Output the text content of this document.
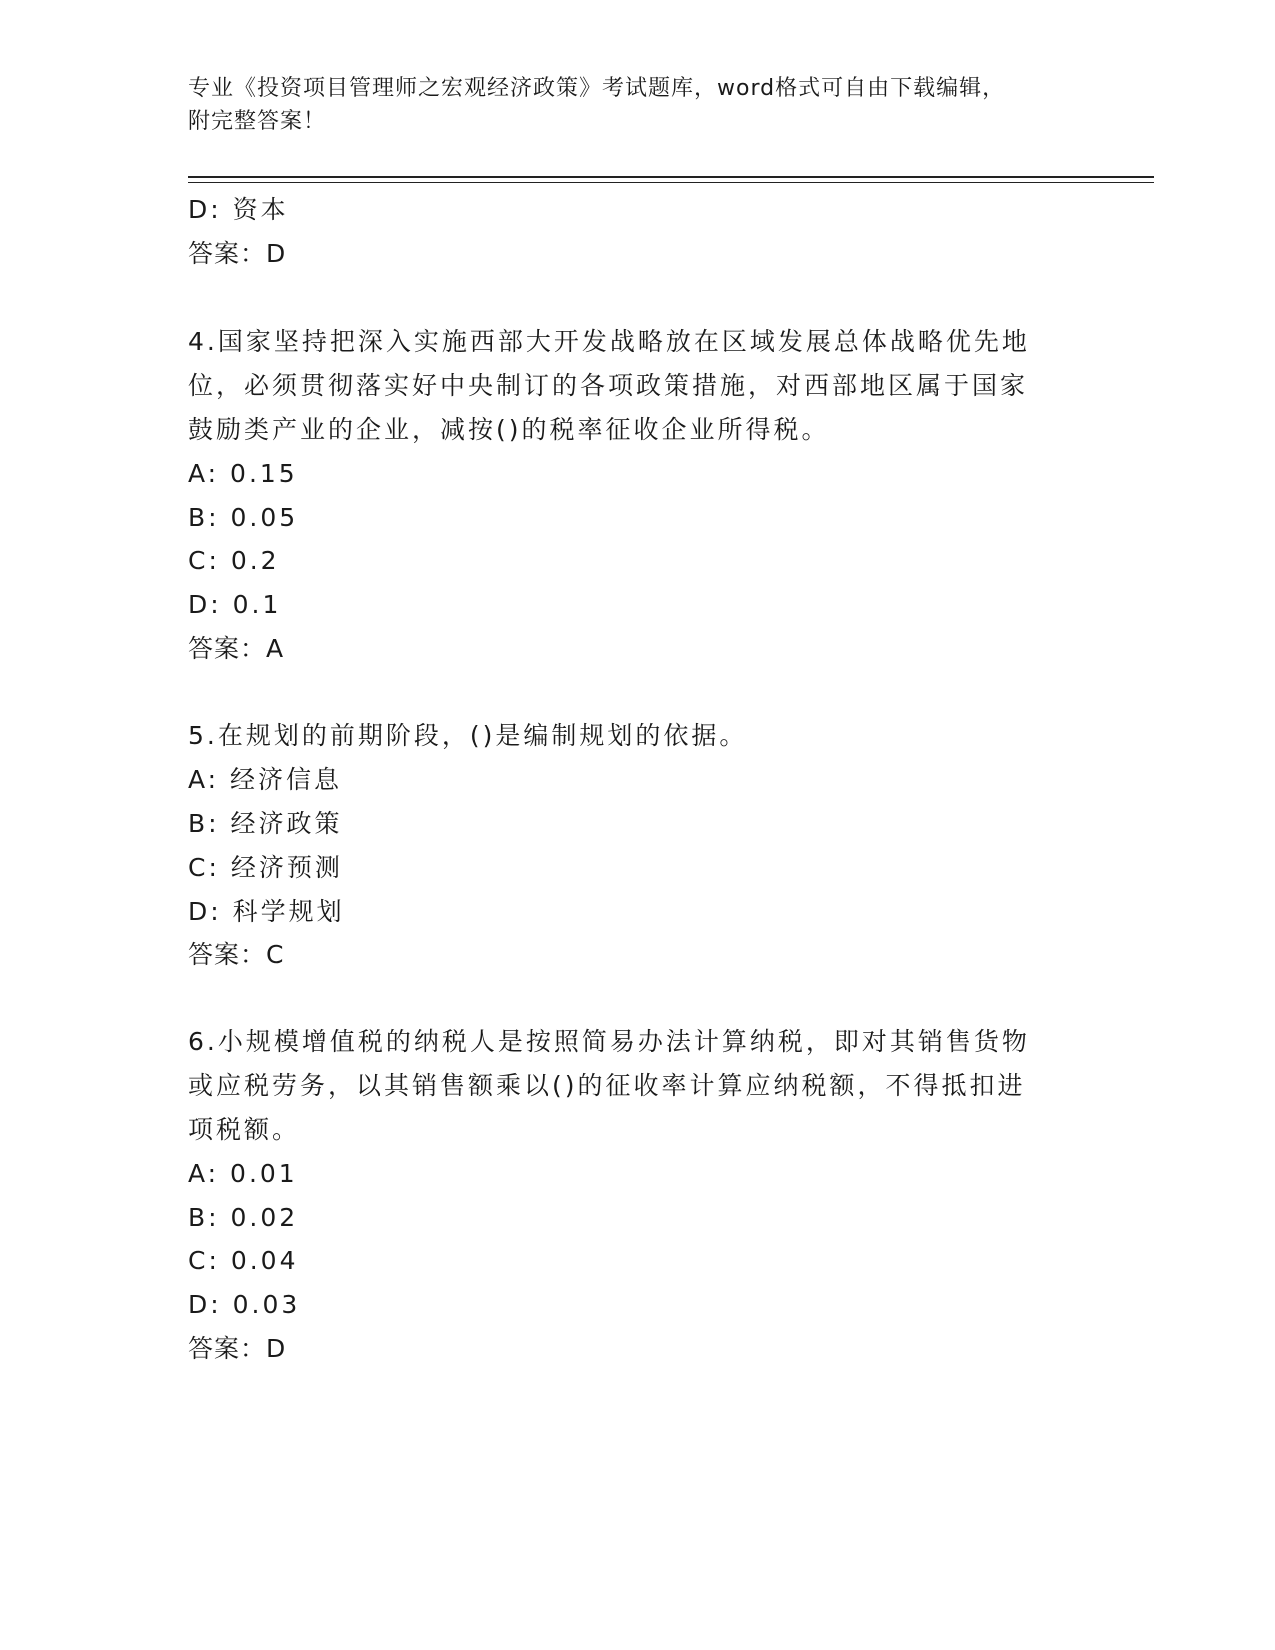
专业《投资项目管理师之宏观经济政策》考试题库，word格式可自由下载编辑，
附完整答案！
D: 资本
答案：D
4.国家坚持把深入实施西部大开发战略放在区域发展总体战略优先地
位，必须贯彻落实好中央制订的各项政策措施，对西部地区属于国家
鼓励类产业的企业，减按()的税率征收企业所得税。
A: 0.15
B: 0.05
C: 0.2
D: 0.1
答案：A
5.在规划的前期阶段，()是编制规划的依据。
A: 经济信息
B: 经济政策
C: 经济预测
D: 科学规划
答案：C
6.小规模增值税的纳税人是按照简易办法计算纳税，即对其销售货物
或应税劳务，以其销售额乘以()的征收率计算应纳税额，不得抵扣进
项税额。
A: 0.01
B: 0.02
C: 0.04
D: 0.03
答案：D
